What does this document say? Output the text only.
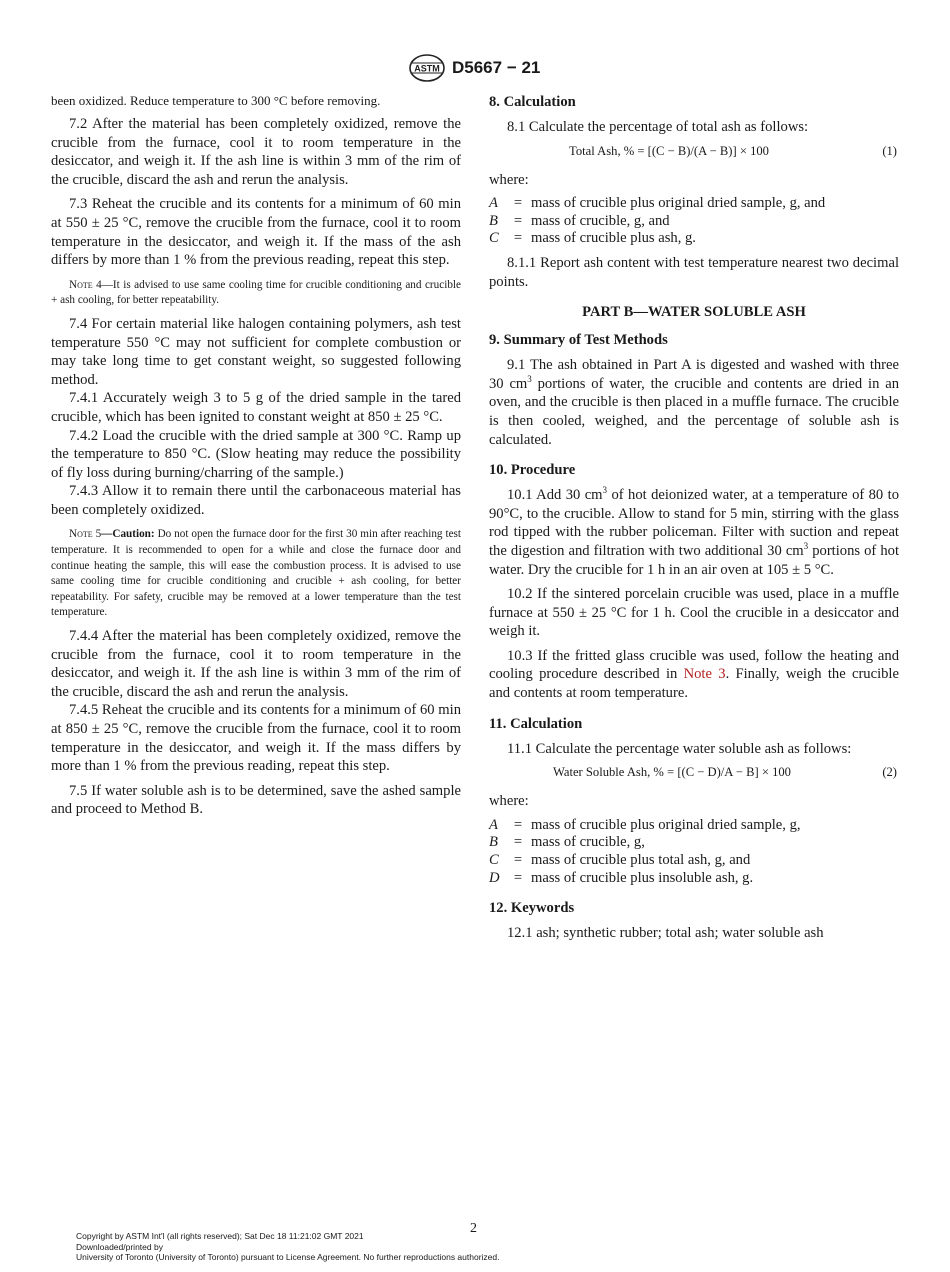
ASTM D5667 − 21

been oxidized. Reduce temperature to 300 °C before removing.

7.2 After the material has been completely oxidized, remove the crucible from the furnace, cool it to room temperature in the desiccator, and weigh it. If the ash line is within 3 mm of the rim of the crucible, discard the ash and rerun the analysis.

7.3 Reheat the crucible and its contents for a minimum of 60 min at 550 ± 25 °C, remove the crucible from the furnace, cool it to room temperature in the desiccator, and weigh it. If the mass of the ash differs by more than 1 % from the previous reading, repeat this step.

Note 4—It is advised to use same cooling time for crucible conditioning and crucible + ash cooling, for better repeatability.

7.4 For certain material like halogen containing polymers, ash test temperature 550 °C may not sufficient for complete combustion or may take long time to get constant weight, so suggested following method.

7.4.1 Accurately weigh 3 to 5 g of the dried sample in the tared crucible, which has been ignited to constant weight at 850 ± 25 °C.

7.4.2 Load the crucible with the dried sample at 300 °C. Ramp up the temperature to 850 °C. (Slow heating may reduce the possibility of fly loss during burning/charring of the sample.)

7.4.3 Allow it to remain there until the carbonaceous material has been completely oxidized.

Note 5—Caution: Do not open the furnace door for the first 30 min after reaching test temperature. It is recommended to open for a while and close the furnace door and continue heating the sample, this will ease the combustion process. It is advised to use same cooling time for crucible conditioning and crucible + ash cooling, for better repeatability. For safety, crucible may be removed at a lower temperature than the test temperature.

7.4.4 After the material has been completely oxidized, remove the crucible from the furnace, cool it to room temperature in the desiccator, and weigh it. If the ash line is within 3 mm of the rim of the crucible, discard the ash and rerun the analysis.

7.4.5 Reheat the crucible and its contents for a minimum of 60 min at 850 ± 25 °C, remove the crucible from the furnace, cool it to room temperature in the desiccator, and weigh it. If the mass differs by more than 1 % from the previous reading, repeat this step.

7.5 If water soluble ash is to be determined, save the ashed sample and proceed to Method B.

8. Calculation

8.1 Calculate the percentage of total ash as follows:

Total Ash, % = [(C − B)/(A − B)] × 100	(1)

where:

A	= mass of crucible plus original dried sample, g, and
B	= mass of crucible, g, and
C	= mass of crucible plus ash, g.

8.1.1 Report ash content with test temperature nearest two decimal points.

PART B—WATER SOLUBLE ASH
9. Summary of Test Methods

9.1 The ash obtained in Part A is digested and washed with three 30 $cm^3$ portions of water, the crucible and contents are dried in an oven, and the crucible is then placed in a muffle furnace. The crucible is then cooled, weighed, and the percentage of soluble ash is calculated.

10. Procedure

10.1 Add 30 $cm^3$ of hot deionized water, at a temperature of 80 to 90°C, to the crucible. Allow to stand for 5 min, stirring with the glass rod tipped with the rubber policeman. Filter with suction and repeat the digestion and filtration with two additional 30 $cm^3$ portions of hot water. Dry the crucible for 1 h in an air oven at 105 ± 5 °C.

10.2 If the sintered porcelain crucible was used, place in a muffle furnace at 550 ± 25 °C for 1 h. Cool the crucible in a desiccator and weigh it.

10.3 If the fritted glass crucible was used, follow the heating and cooling procedure described in Note 3. Finally, weigh the crucible and contents at room temperature.

11. Calculation

11.1 Calculate the percentage water soluble ash as follows:

Water Soluble Ash, % = [(C − D)/A − B] × 100	(2)

where:

A	= mass of crucible plus original dried sample, g,
B	= mass of crucible, g,
C	= mass of crucible plus total ash, g, and
D = mass of crucible plus insoluble ash, g.
12. Keywords

12.1 ash; synthetic rubber; total ash; water soluble ash

2
Copyright by ASTM Int'l (all rights reserved); Sat Dec 18 11:21:02 GMT 2021
Downloaded/printed by
University of Toronto (University of Toronto) pursuant to License Agreement. No further reproductions authorized.
